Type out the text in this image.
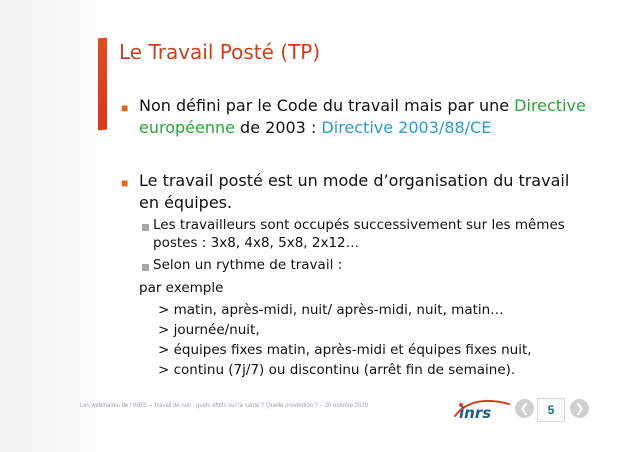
Le Travail Posté (TP)
■ Non défini par le Code du travail mais par une Directive
européenne de 2003 : Directive 2003/88/CE
■ Le travail posté est un mode d’organisation du travail
en équipes.
Les travailleurs sont occupés successivement sur les mêmes
postes : 3x8, 4x8, 5x8, 2x12…
Selon un rythme de travail :
par exemple
> matin, après-midi, nuit/ après-midi, nuit, matin…
> journée/nuit,
> équipes fixes matin, après-midi et équipes fixes nuit,
> continu (7j/7) ou discontinu (arrêt fin de semaine).
Les webinaires de l’INRS – Travail de nuit : quels effets sur la santé ? Quelle prévention ? – 20 octobre 2020	inrs	❮	5	❯
